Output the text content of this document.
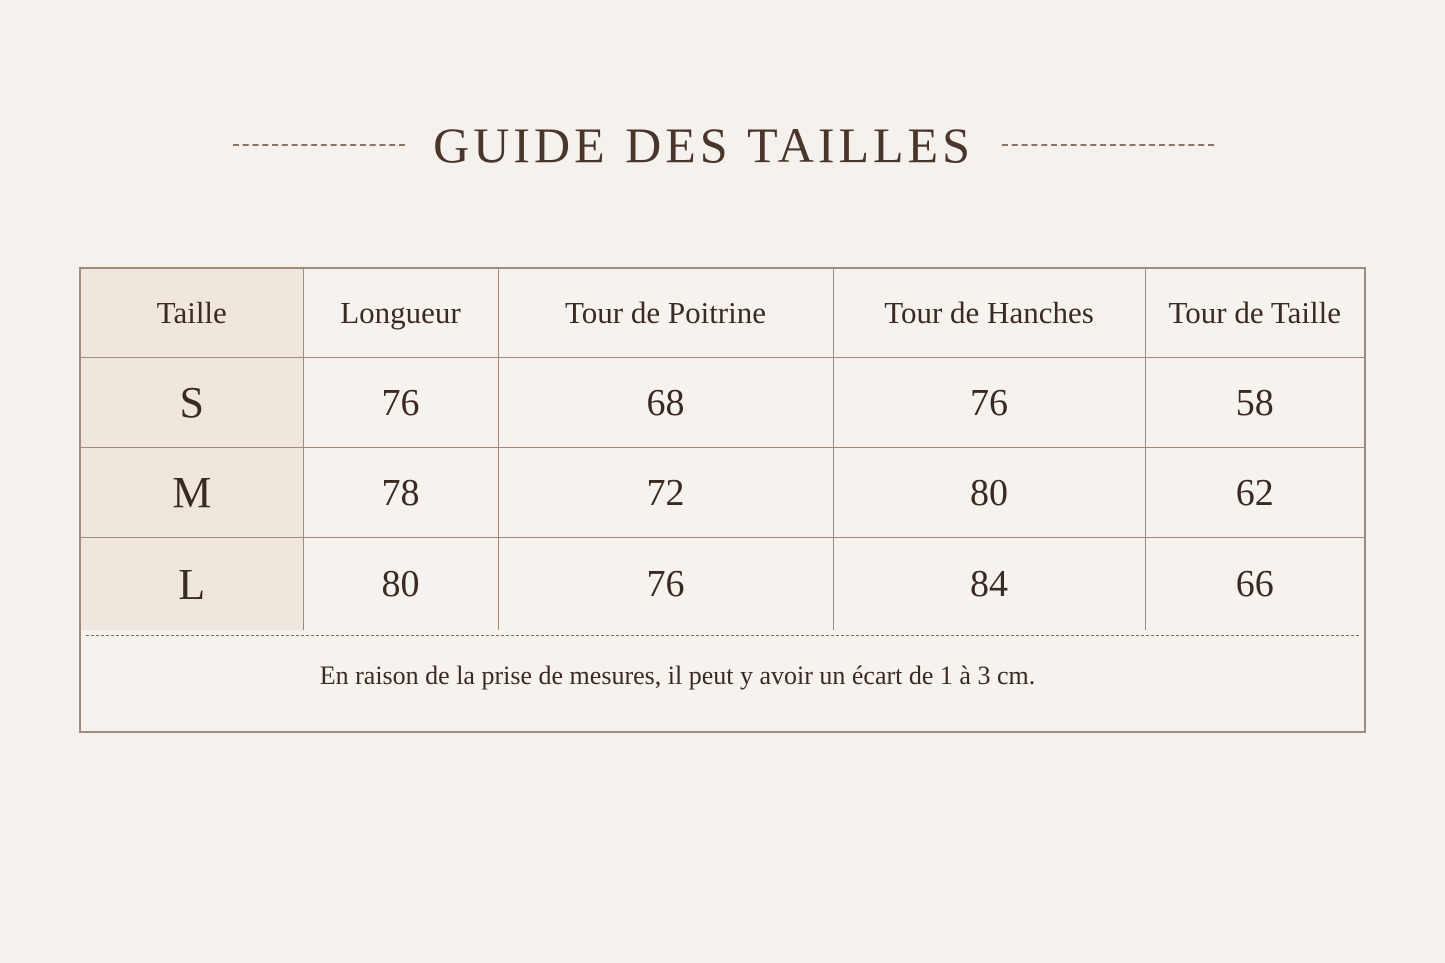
GUIDE DES TAILLES
Taille	Longueur	Tour de Poitrine	Tour de Hanches	Tour de Taille
S	76	68	76	58
M	78	72	80	62
L	80	76	84	66
En raison de la prise de mesures, il peut y avoir un écart de 1 à 3 cm.
